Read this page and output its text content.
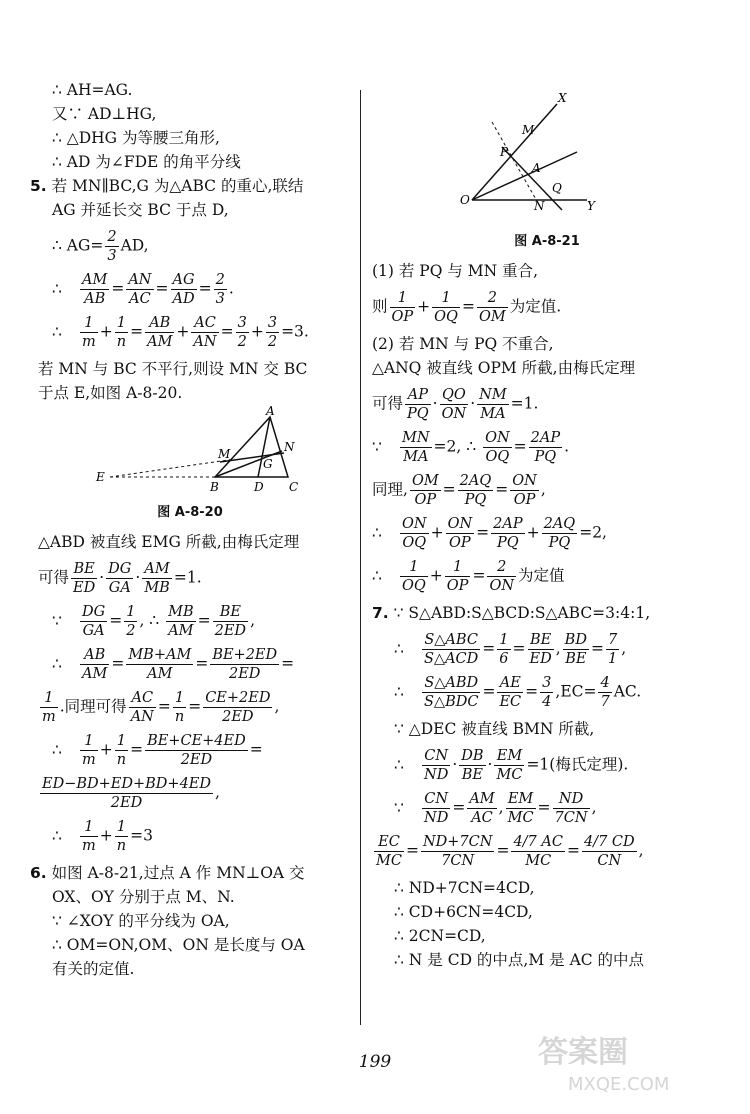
∴ AH=AG.
又∵ AD⊥HG,
∴ △DHG 为等腰三角形,
∴ AD 为∠FDE 的角平分线
5. 若 MN∥BC,G 为△ABC 的重心,联结
AG 并延长交 BC 于点 D,
∴ $AG= \frac{2}{3}$ AD,
∴ $\frac{AM}{AB} = \frac{AN}{AC} = \frac{AG}{AD} = \frac{2}{3}$ .
∴ $\frac{1}{m} + \frac{1}{n} = \frac{AB}{AM} + \frac{AC}{AN} = \frac{3}{2} + \frac{3}{2} =3$.
若 MN 与 BC 不平行,则设 MN 交 BC
于点 E,如图 A-8-20.
A
M	N
G
E
B	D C
图 A-8-20
△ABD 被直线 EMG 所截,由梅氏定理
可得 $\frac{BE}{ED} \cdot \frac{DG}{GA} \cdot \frac{AM}{MB} =1$.
∵ $\frac{DG}{GA} = \frac{1}{2}$ , ∴ $\frac{MB}{AM} = \frac{BE}{2ED}$ ,
∴ $\frac{AB}{AM} = \frac{MB+AM}{AM} = \frac{BE+2ED}{2ED}$ =
$\frac{1}{m}$ .同理可得 $\frac{AC}{AN} = \frac{1}{n} = \frac{CE+2ED}{2ED}$ ,
∴ $\frac{1}{m} + \frac{1}{n} = \frac{BE+CE+4ED}{2ED}$ =
$\frac{ED-BD+ED+BD+4ED}{2ED}$ ,
∴ $\frac{1}{m} + \frac{1}{n} =3$
6. 如图 A-8-21,过点 A 作 MN⊥OA 交
OX、OY 分别于点 M、N.
∵ ∠XOY 的平分线为 OA,
∴ OM=ON,OM、ON 是长度与 OA
有关的定值.
X
M
P
A
Q
O	N	Y
图 A-8-21
(1) 若 PQ 与 MN 重合,
则 $\frac{1}{OP} + \frac{1}{OQ} = \frac{2}{OM}$ 为定值.
(2) 若 MN 与 PQ 不重合,
△ANQ 被直线 OPM 所截,由梅氏定理
可得 $\frac{AP}{PQ} \cdot \frac{QO}{ON} \cdot \frac{NM}{MA} =1$.
∵ $\frac{MN}{MA} =2$, ∴ $\frac{ON}{OQ} = \frac{2AP}{PQ}$ .
同理, $\frac{OM}{OP} = \frac{2AQ}{PQ} = \frac{ON}{OP}$ ,
∴ $\frac{ON}{OQ} + \frac{ON}{OP} = \frac{2AP}{PQ} + \frac{2AQ}{PQ} =2$,
∴ $\frac{1}{OQ} + \frac{1}{OP} = \frac{2}{ON}$ 为定值
7. ∵ S△ABD:S△BCD:S△ABC=3:4:1,
∴ $\frac{\text{S△ABC}}{\text{S△ACD}} = \frac{1}{6} = \frac{BE}{ED}$ , $\frac{BD}{BE} = \frac{7}{1}$ ,
∴ $\frac{\text{S△ABD}}{\text{S△BDC}} = \frac{AE}{EC} = \frac{3}{4} ,EC= \frac{4}{7}$ AC.
∵ △DEC 被直线 BMN 所截,
∴ $\frac{CN}{ND} \cdot \frac{DB}{BE} \cdot \frac{EM}{MC} =1$(梅氏定理).
∵ $\frac{CN}{ND} = \frac{AM}{AC}$ , $\frac{EM}{MC} = \frac{ND}{7CN}$ ,
$\frac{EC}{MC} = \frac{ND+7CN}{7CN} = \frac{4/7 AC}{MC} = \frac{4/7 CD}{CN}$ ,
∴ ND+7CN=4CD,
∴ CD+6CN=4CD,
∴ 2CN=CD,
∴ N 是 CD 的中点,M 是 AC 的中点
199	答案圈
MXQE.COM
